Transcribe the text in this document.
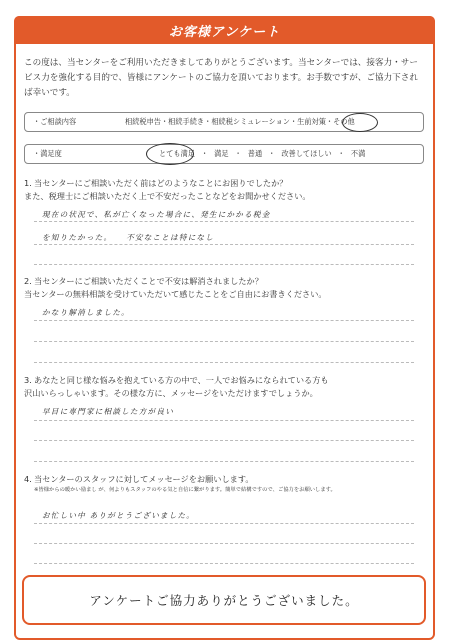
お客様アンケート
この度は、当センターをご利用いただきましてありがとうございます。当センターでは、接客力・サービス力を強化する目的で、皆様にアンケートのご協力を頂いております。お手数ですが、ご協力下されば幸いです。
・ご相談内容	相続税申告 ・ 相続手続き ・ 相続税シミュレーション ・ 生前対策 ・ その他
・満足度	とても満足 ・ 満足 ・ 普通 ・ 改善してほしい ・ 不満
1. 当センターにご相談いただく前はどのようなことにお困りでしたか？
また、税理士にご相談いただく上で不安だったことなどをお聞かせください。
現在の状況で、私が亡くなった場合に、発生にかかる税金
を知りたかった。　　不安なことは特になし
2. 当センターにご相談いただくことで不安は解消されましたか？
当センターの無料相談を受けていただいて感じたことをご自由にお書きください。
かなり解消しました。
3. あなたと同じ様な悩みを抱えている方の中で、一人でお悩みになられている方も
沢山いらっしゃいます。その様な方に、メッセージをいただけますでしょうか。
早目に専門家に相談した方が良い
4. 当センターのスタッフに対してメッセージをお願いします。
※皆様からの暖かい励まし が、何よりもスタッフのやる気と自信に繋がります。簡単で結構ですので、ご協力をお願いします。
お忙しい中 ありがとうございました。
アンケートご協力ありがとうございました。
